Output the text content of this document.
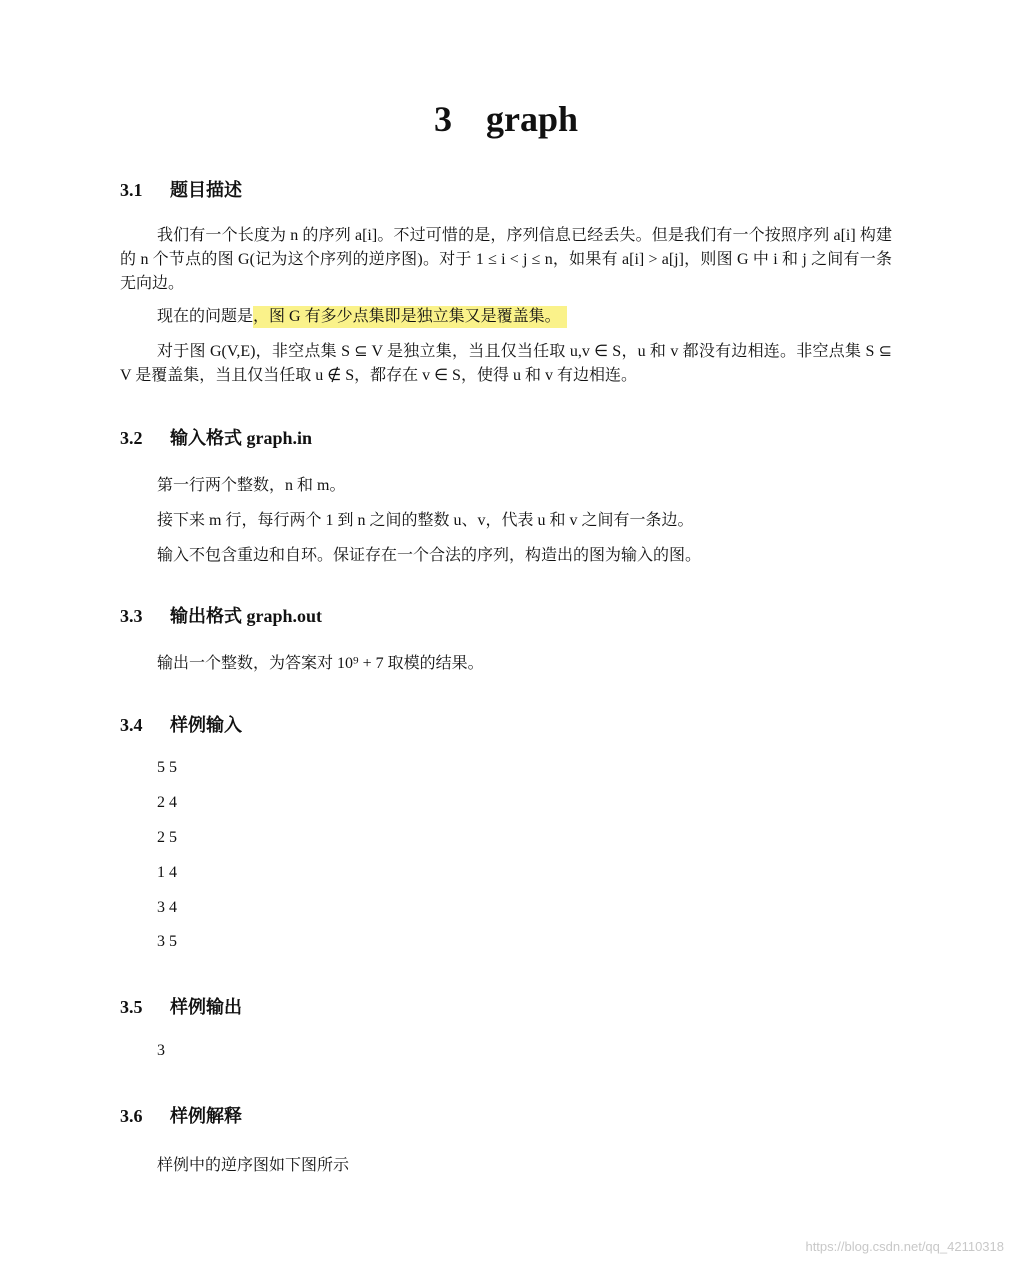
3 graph
3.1 题目描述
我们有一个长度为 n 的序列 a[i]。不过可惜的是，序列信息已经丢失。但是我们有一个按照序列 a[i] 构建的 n 个节点的图 G(记为这个序列的逆序图)。对于 1 ≤ i < j ≤ n，如果有 a[i] > a[j]，则图 G 中 i 和 j 之间有一条无向边。
现在的问题是，图 G 有多少点集即是独立集又是覆盖集。
对于图 G(V,E)，非空点集 S ⊆ V 是独立集，当且仅当任取 u,v ∈ S，u 和 v 都没有边相连。非空点集 S ⊆ V 是覆盖集，当且仅当任取 u ∉ S，都存在 v ∈ S，使得 u 和 v 有边相连。
3.2 输入格式 graph.in
第一行两个整数，n 和 m。
接下来 m 行，每行两个 1 到 n 之间的整数 u、v，代表 u 和 v 之间有一条边。
输入不包含重边和自环。保证存在一个合法的序列，构造出的图为输入的图。
3.3 输出格式 graph.out
输出一个整数，为答案对 10⁹ + 7 取模的结果。
3.4 样例输入
5 5
2 4
2 5
1 4
3 4
3 5
3.5 样例输出
3
3.6 样例解释
样例中的逆序图如下图所示
https://blog.csdn.net/qq_42110318
